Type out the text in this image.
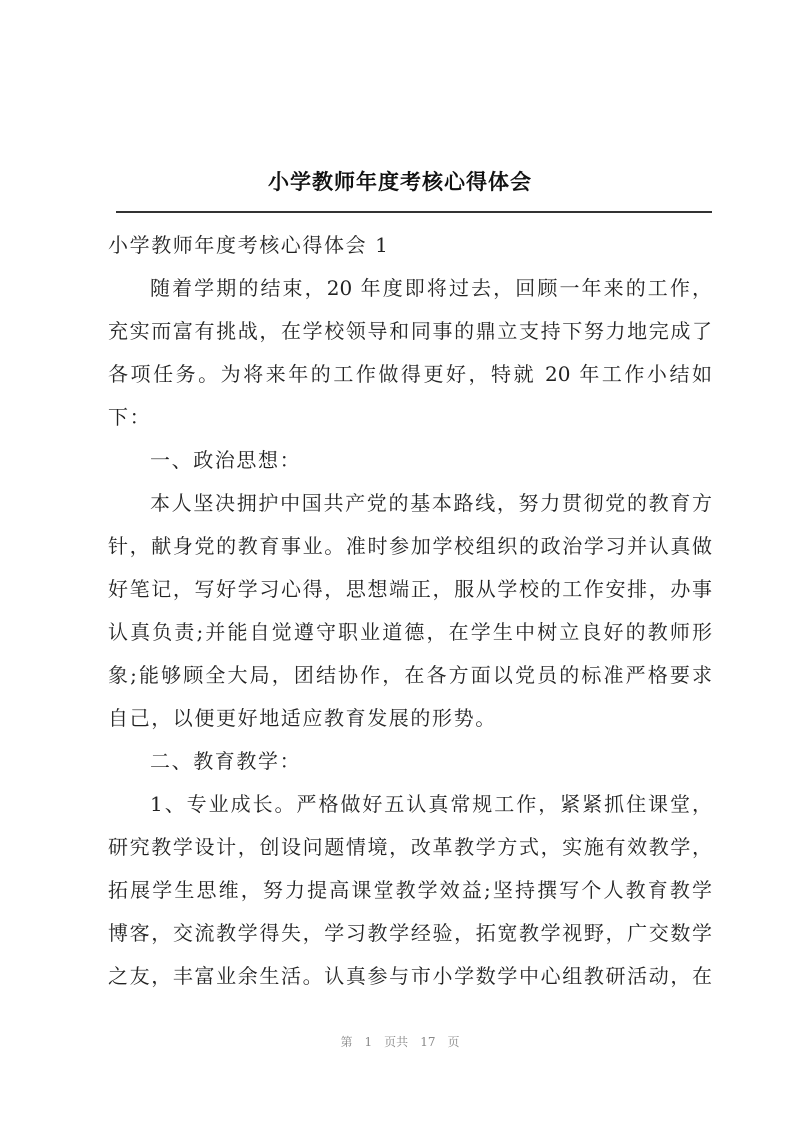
小学教师年度考核心得体会
小学教师年度考核心得体会 1
随着学期的结束，20 年度即将过去，回顾一年来的工作，
充实而富有挑战，在学校领导和同事的鼎立支持下努力地完成了
各项任务。为将来年的工作做得更好，特就 20 年工作小结如
下：
一、政治思想：
本人坚决拥护中国共产党的基本路线，努力贯彻党的教育方
针，献身党的教育事业。准时参加学校组织的政治学习并认真做
好笔记，写好学习心得，思想端正，服从学校的工作安排，办事
认真负责;并能自觉遵守职业道德，在学生中树立良好的教师形
象;能够顾全大局，团结协作，在各方面以党员的标准严格要求
自己，以便更好地适应教育发展的形势。
二、教育教学：
1、专业成长。严格做好五认真常规工作，紧紧抓住课堂，
研究教学设计，创设问题情境，改革教学方式，实施有效教学，
拓展学生思维，努力提高课堂教学效益;坚持撰写个人教育教学
博客，交流教学得失，学习教学经验，拓宽教学视野，广交数学
之友，丰富业余生活。认真参与市小学数学中心组教研活动，在
第 1 页共 17 页
